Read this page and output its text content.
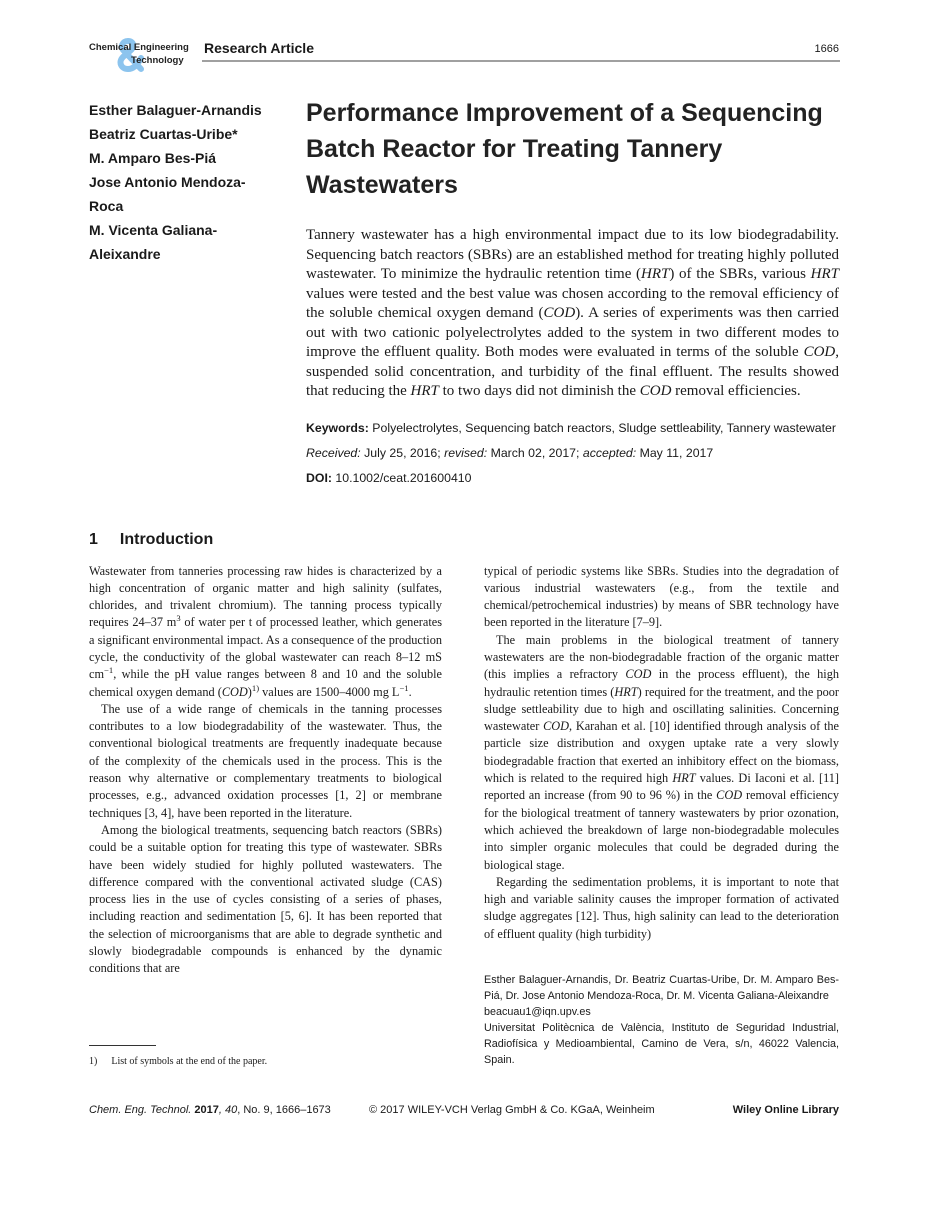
Chemical Engineering
Technology
Research Article	1666
Esther Balaguer-Arnandis
Beatriz Cuartas-Uribe*
M. Amparo Bes-Piá
Jose Antonio Mendoza-Roca
M. Vicenta Galiana-Aleixandre
Performance Improvement of a Sequencing Batch Reactor for Treating Tannery Wastewaters

Tannery wastewater has a high environmental impact due to its low biodegradability. Sequencing batch reactors (SBRs) are an established method for treating highly polluted wastewater. To minimize the hydraulic retention time (HRT) of the SBRs, various HRT values were tested and the best value was chosen according to the removal efficiency of the soluble chemical oxygen demand (COD). A series of experiments was then carried out with two cationic polyelectrolytes added to the system in two different modes to improve the effluent quality. Both modes were evaluated in terms of the soluble COD, suspended solid concentration, and turbidity of the final effluent. The results showed that reducing the HRT to two days did not diminish the COD removal efficiencies.

Keywords: Polyelectrolytes, Sequencing batch reactors, Sludge settleability, Tannery wastewater
Received: July 25, 2016; revised: March 02, 2017; accepted: May 11, 2017
DOI: 10.1002/ceat.201600410
1 Introduction

Wastewater from tanneries processing raw hides is characterized by a high concentration of organic matter and high salinity (sulfates, chlorides, and trivalent chromium). The tanning process typically requires 24–37 $m^3$ of water per t of processed leather, which generates a significant environmental impact. As a consequence of the production cycle, the conductivity of the global wastewater can reach 8–12 mS $cm^{-1}$, while the pH value ranges between 8 and 10 and the soluble chemical oxygen demand (COD)$^{1)}$ values are 1500–4000 mg $L^{-1}$.

The use of a wide range of chemicals in the tanning processes contributes to a low biodegradability of the wastewater. Thus, the conventional biological treatments are frequently inadequate because of the complexity of the chemicals used in the process. This is the reason why alternative or complementary treatments to biological processes, e.g., advanced oxidation processes [1, 2] or membrane techniques [3, 4], have been reported in the literature.

Among the biological treatments, sequencing batch reactors (SBRs) could be a suitable option for treating this type of wastewater. SBRs have been widely studied for highly polluted wastewaters. The difference compared with the conventional activated sludge (CAS) process lies in the use of cycles consisting of a series of phases, including reaction and sedimentation [5, 6]. It has been reported that the selection of microorganisms that are able to degrade synthetic and slowly biodegradable compounds is enhanced by the dynamic conditions that are

1) List of symbols at the end of the paper.

typical of periodic systems like SBRs. Studies into the degradation of various industrial wastewaters (e.g., from the textile and chemical/petrochemical industries) by means of SBR technology have been reported in the literature [7–9].

The main problems in the biological treatment of tannery wastewaters are the non-biodegradable fraction of the organic matter (this implies a refractory COD in the process effluent), the high hydraulic retention times (HRT) required for the treatment, and the poor sludge settleability due to high and oscillating salinities. Concerning wastewater COD, Karahan et al. [10] identified through analysis of the particle size distribution and oxygen uptake rate a very slowly biodegradable fraction that exerted an inhibitory effect on the biomass, which is related to the required high HRT values. Di Iaconi et al. [11] reported an increase (from 90 to 96 %) in the COD removal efficiency for the biological treatment of tannery wastewaters by prior ozonation, which achieved the breakdown of large non-biodegradable molecules into simpler organic molecules that could be degraded during the biological stage.

Regarding the sedimentation problems, it is important to note that high and variable salinity causes the improper formation of activated sludge aggregates [12]. Thus, high salinity can lead to the deterioration of effluent quality (high turbidity)

Esther Balaguer-Arnandis, Dr. Beatriz Cuartas-Uribe, Dr. M. Amparo Bes-Piá, Dr. Jose Antonio Mendoza-Roca, Dr. M. Vicenta Galiana-Aleixandre
beacuau1@iqn.upv.es
Universitat Politècnica de València, Instituto de Seguridad Industrial, Radiofísica y Medioambiental, Camino de Vera, s/n, 46022 Valencia, Spain.
Chem. Eng. Technol. 2017, 40, No. 9, 1666–1673	© 2017 WILEY-VCH Verlag GmbH & Co. KGaA, Weinheim	Wiley Online Library
